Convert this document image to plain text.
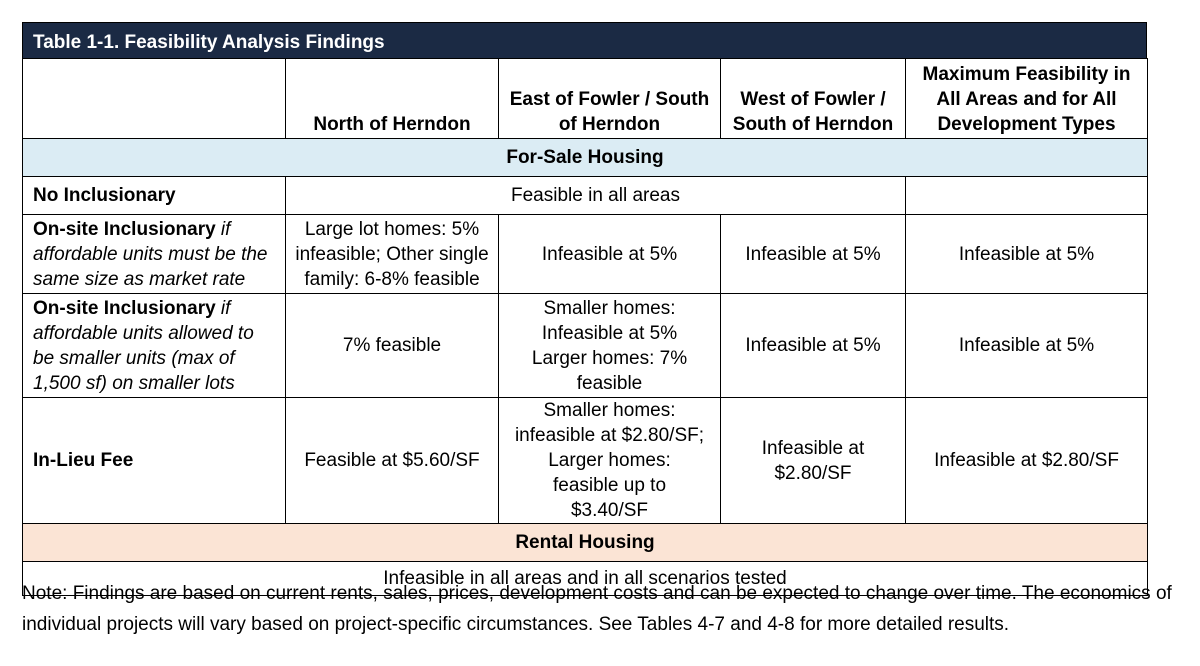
Table 1-1. Feasibility Analysis Findings
	North of Herndon	East of Fowler / South of Herndon	West of Fowler / South of Herndon	Maximum Feasibility in All Areas and for All Development Types
For-Sale Housing				
No Inclusionary	Feasible in all areas			
On-site Inclusionary if affordable units must be the same size as market rate	Large lot homes: 5% infeasible; Other single family: 6-8% feasible	Infeasible at 5%	Infeasible at 5%	Infeasible at 5%
On-site Inclusionary if affordable units allowed to be smaller units (max of 1,500 sf) on smaller lots	7% feasible	Smaller homes: Infeasible at 5% Larger homes: 7% feasible	Infeasible at 5%	Infeasible at 5%
In-Lieu Fee	Feasible at $5.60/SF	Smaller homes: infeasible at $2.80/SF; Larger homes: feasible up to $3.40/SF	Infeasible at $2.80/SF	Infeasible at $2.80/SF
Rental Housing				
Infeasible in all areas and in all scenarios tested				
Note: Findings are based on current rents, sales, prices, development costs and can be expected to change over time. The economics of individual projects will vary based on project-specific circumstances. See Tables 4-7 and 4-8 for more detailed results.
